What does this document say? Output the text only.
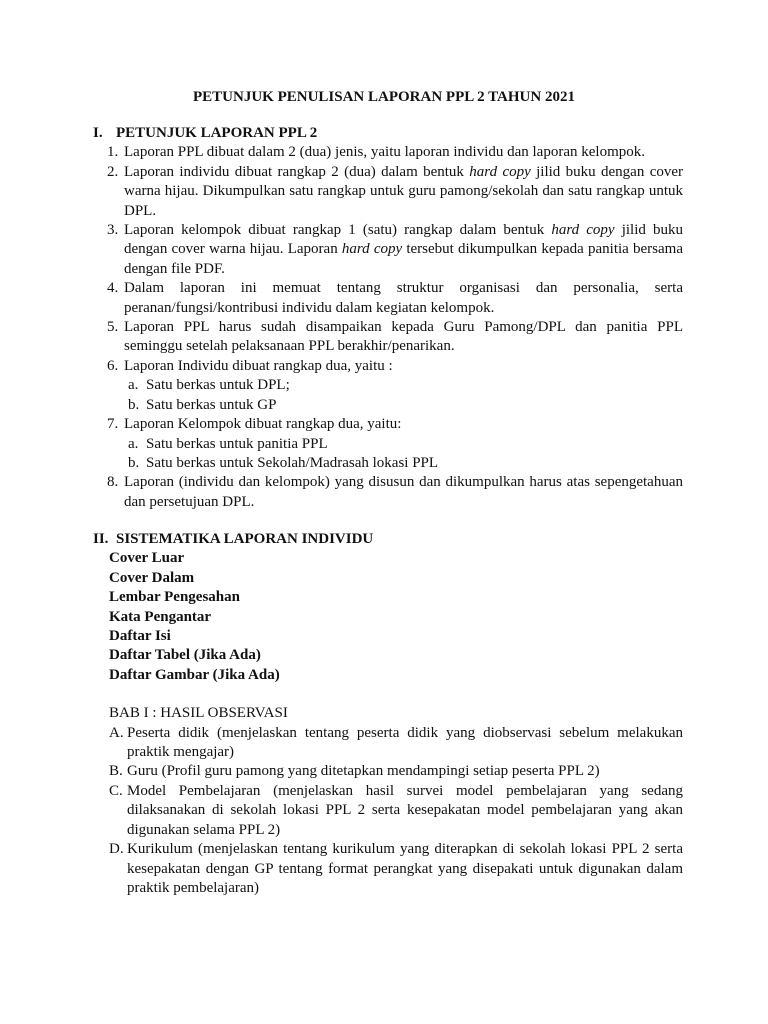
PETUNJUK PENULISAN LAPORAN PPL 2 TAHUN 2021
I. PETUNJUK LAPORAN PPL 2
1. Laporan PPL dibuat dalam 2 (dua) jenis, yaitu laporan individu dan laporan kelompok.
2. Laporan individu dibuat rangkap 2 (dua) dalam bentuk hard copy jilid buku dengan cover warna hijau. Dikumpulkan satu rangkap untuk guru pamong/sekolah dan satu rangkap untuk DPL.
3. Laporan kelompok dibuat rangkap 1 (satu) rangkap dalam bentuk hard copy jilid buku dengan cover warna hijau. Laporan hard copy tersebut dikumpulkan kepada panitia bersama dengan file PDF.
4. Dalam laporan ini memuat tentang struktur organisasi dan personalia, serta peranan/fungsi/kontribusi individu dalam kegiatan kelompok.
5. Laporan PPL harus sudah disampaikan kepada Guru Pamong/DPL dan panitia PPL seminggu setelah pelaksanaan PPL berakhir/penarikan.
6. Laporan Individu dibuat rangkap dua, yaitu :
a. Satu berkas untuk DPL;
b. Satu berkas untuk GP
7. Laporan Kelompok dibuat rangkap dua, yaitu:
a. Satu berkas untuk panitia PPL
b. Satu berkas untuk Sekolah/Madrasah lokasi PPL
8. Laporan (individu dan kelompok) yang disusun dan dikumpulkan harus atas sepengetahuan dan persetujuan DPL.
II. SISTEMATIKA LAPORAN INDIVIDU
Cover Luar
Cover Dalam
Lembar Pengesahan
Kata Pengantar
Daftar Isi
Daftar Tabel (Jika Ada)
Daftar Gambar (Jika Ada)
BAB I : HASIL OBSERVASI
A. Peserta didik (menjelaskan tentang peserta didik yang diobservasi sebelum melakukan praktik mengajar)
B. Guru (Profil guru pamong yang ditetapkan mendampingi setiap peserta PPL 2)
C. Model Pembelajaran (menjelaskan hasil survei model pembelajaran yang sedang dilaksanakan di sekolah lokasi PPL 2 serta kesepakatan model pembelajaran yang akan digunakan selama PPL 2)
D. Kurikulum (menjelaskan tentang kurikulum yang diterapkan di sekolah lokasi PPL 2 serta kesepakatan dengan GP tentang format perangkat yang disepakati untuk digunakan dalam praktik pembelajaran)
